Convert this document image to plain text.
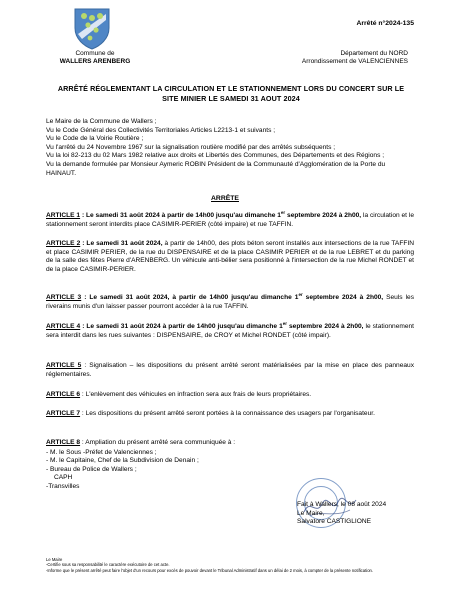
Commune de
WALLERS ARENBERG
Arrêté n°2024-135
Département du NORD
Arrondissement de VALENCIENNES
ARRÊTÉ RÉGLEMENTANT LA CIRCULATION ET LE STATIONNEMENT LORS DU CONCERT SUR LE SITE MINIER LE SAMEDI 31 AOUT 2024
Le Maire de la Commune de Wallers ;
Vu le Code Général des Collectivités Territoriales Articles L2213-1 et suivants ;
Vu le Code de la Voirie Routière ;
Vu l'arrêté du 24 Novembre 1967 sur la signalisation routière modifié par des arrêtés subséquents ;
Vu la loi 82-213 du 02 Mars 1982 relative aux droits et Libertés des Communes, des Départements et des Régions ;
Vu la demande formulée par Monsieur Aymeric ROBIN Président de la Communauté d'Agglomération de la Porte du HAINAUT.
ARRÊTE
ARTICLE 1 : Le samedi 31 août 2024 à partir de 14h00 jusqu'au dimanche 1er septembre 2024 à 2h00, la circulation et le stationnement seront interdits place CASIMIR-PERIER (côté impaire) et rue TAFFIN.
ARTICLE 2 : Le samedi 31 août 2024, à partir de 14h00, des plots béton seront installés aux intersections de la rue TAFFIN et place CASIMIR PERIER, de la rue du DISPENSAIRE et de la place CASIMIR PERIER et de la rue LEBRET et du parking de la salle des fêtes Pierre d'ARENBERG. Un véhicule anti-bélier sera positionné à l'intersection de la rue Michel RONDET et de la place CASIMIR-PERIER.
ARTICLE 3 : Le samedi 31 août 2024, à partir de 14h00 jusqu'au dimanche 1er septembre 2024 à 2h00, Seuls les riverains munis d'un laisser passer pourront accéder à la rue TAFFIN.
ARTICLE 4 : Le samedi 31 août 2024 à partir de 14h00 jusqu'au dimanche 1er septembre 2024 à 2h00, le stationnement sera interdit dans les rues suivantes : DISPENSAIRE, de CROY et Michel RONDET (côté impair).
ARTICLE 5 : Signalisation – les dispositions du présent arrêté seront matérialisées par la mise en place des panneaux réglementaires.
ARTICLE 6 : L'enlèvement des véhicules en infraction sera aux frais de leurs propriétaires.
ARTICLE 7 : Les dispositions du présent arrêté seront portées à la connaissance des usagers par l'organisateur.
ARTICLE 8 : Ampliation du présent arrêté sera communiquée à :
- M. le Sous -Préfet de Valenciennes ;
- M. le Capitaine, Chef de la Subdivision de Denain ;
- Bureau de Police de Wallers ;
CAPH
-Transvilles
Fait à Wallers, le 08 août 2024
Le Maire,
Salvatore CASTIGLIONE
Le Maire
-Certifie sous sa responsabilité le caractère exécutoire de cet acte.
-Informe que le présent arrêté peut faire l'objet d'un recours pour excès de pouvoir devant le Tribunal Administratif dans un délai de 2 mois, à compter de la présente notification.
